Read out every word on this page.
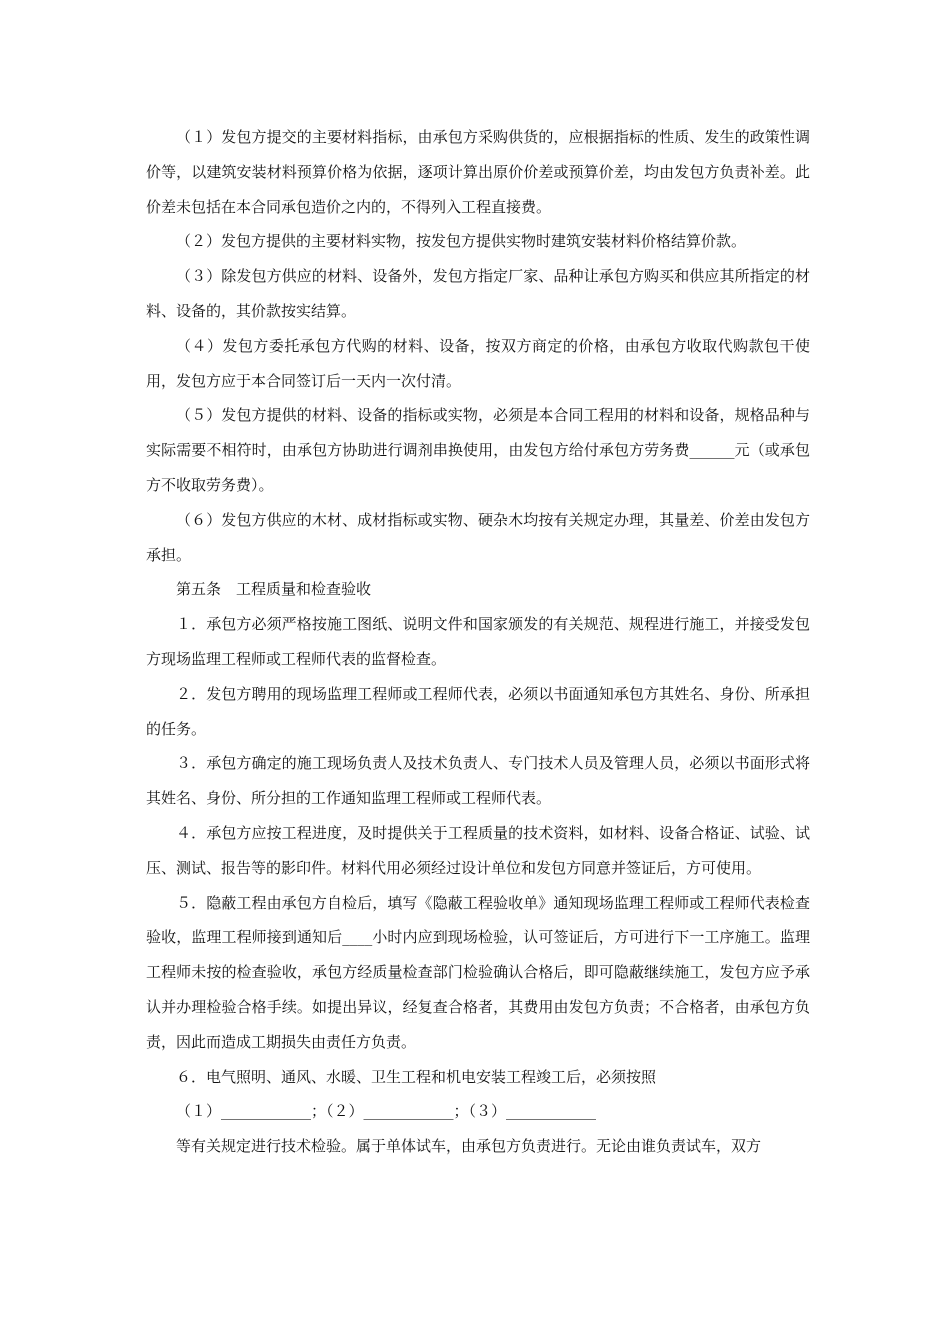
（１）发包方提交的主要材料指标，由承包方采购供货的，应根据指标的性质、发生的政策性调价等，以建筑安装材料预算价格为依据，逐项计算出原价价差或预算价差，均由发包方负责补差。此价差未包括在本合同承包造价之内的，不得列入工程直接费。

（２）发包方提供的主要材料实物，按发包方提供实物时建筑安装材料价格结算价款。

（３）除发包方供应的材料、设备外，发包方指定厂家、品种让承包方购买和供应其所指定的材料、设备的，其价款按实结算。

（４）发包方委托承包方代购的材料、设备，按双方商定的价格，由承包方收取代购款包干使用，发包方应于本合同签订后一天内一次付清。

（５）发包方提供的材料、设备的指标或实物，必须是本合同工程用的材料和设备，规格品种与实际需要不相符时，由承包方协助进行调剂串换使用，由发包方给付承包方劳务费______元（或承包方不收取劳务费）。

（６）发包方供应的木材、成材指标或实物、硬杂木均按有关规定办理，其量差、价差由发包方承担。

第五条　工程质量和检查验收

１．承包方必须严格按施工图纸、说明文件和国家颁发的有关规范、规程进行施工，并接受发包方现场监理工程师或工程师代表的监督检查。

２．发包方聘用的现场监理工程师或工程师代表，必须以书面通知承包方其姓名、身份、所承担的任务。

３．承包方确定的施工现场负责人及技术负责人、专门技术人员及管理人员，必须以书面形式将其姓名、身份、所分担的工作通知监理工程师或工程师代表。

４．承包方应按工程进度，及时提供关于工程质量的技术资料，如材料、设备合格证、试验、试压、测试、报告等的影印件。材料代用必须经过设计单位和发包方同意并签证后，方可使用。

５．隐蔽工程由承包方自检后，填写《隐蔽工程验收单》通知现场监理工程师或工程师代表检查验收，监理工程师接到通知后____小时内应到现场检验，认可签证后，方可进行下一工序施工。监理工程师未按的检查验收，承包方经质量检查部门检验确认合格后，即可隐蔽继续施工，发包方应予承认并办理检验合格手续。如提出异议，经复查合格者，其费用由发包方负责；不合格者，由承包方负责，因此而造成工期损失由责任方负责。

６．电气照明、通风、水暖、卫生工程和机电安装工程竣工后，必须按照

（１）____________；（２）____________；（３）____________

等有关规定进行技术检验。属于单体试车，由承包方负责进行。无论由谁负责试车，双方
